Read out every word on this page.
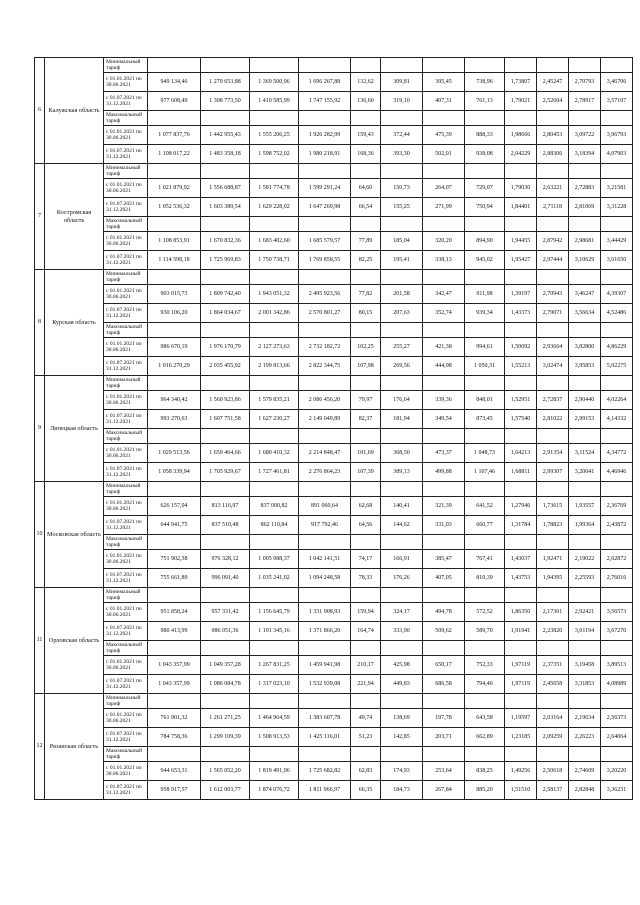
6	Калужская область	Минимальный тариф												
		с 01.01.2021 по 30.06.2021	949 134,46	1 270 653,88	1 369 500,96	1 696 267,88	132,62	309,81	395,45	738,96	1,73807	2,45247	2,70793	3,46706
		с 01.07.2021 по 31.12.2021	977 608,49	1 308 773,50	1 410 585,99	1 747 155,92	136,60	319,10	407,31	761,13	1,79021	2,52604	2,78917	3,57107
		Максимальный тариф												
		с 01.01.2021 по 30.06.2021	1 077 837,76	1 442 955,43	1 555 206,25	1 926 282,99	159,43	372,44	475,39	888,33	1,98666	2,80453	3,09722	3,96793
		с 01.07.2021 по 31.12.2021	1 108 017,22	1 483 358,18	1 598 752,02	1 980 218,91	168,36	393,30	502,01	938,08	2,04229	2,88306	3,18394	4,07903
7	Костромская область	Минимальный тариф												
		с 01.01.2021 по 30.06.2021	1 021 879,92	1 556 688,87	1 581 774,78	1 599 291,24	64,60	150,73	264,07	729,07	1,79030	2,63221	2,72883	3,21581
		с 01.07.2021 по 31.12.2021	1 052 536,32	1 603 389,54	1 629 228,02	1 647 269,98	66,54	155,25	271,99	750,94	1,84401	2,71118	2,81069	3,31228
		Максимальный тариф												
		с 01.01.2021 по 30.06.2021	1 108 853,91	1 670 832,36	1 683 402,60	1 685 579,57	77,89	185,04	320,20	894,90	1,94455	2,87942	2,98681	3,44429
		с 01.07.2021 по 31.12.2021	1 114 598,18	1 725 969,83	1 750 738,71	1 769 858,55	82,25	195,41	338,13	945,02	1,95427	2,97444	3,10629	3,61650
8	Курская область	Минимальный тариф												
		с 01.01.2021 по 30.06.2021	903 015,73	1 809 742,40	1 943 051,32	2 495 923,56	77,82	201,58	342,47	911,98	1,39197	2,70943	3,46247	4,39307
		с 01.07.2021 по 31.12.2021	930 106,20	1 864 034,67	2 001 342,86	2 570 801,27	80,15	207,63	352,74	939,34	1,43373	2,79071	3,56634	4,52486
		Максимальный тариф												
		с 01.01.2021 по 30.06.2021	986 670,19	1 976 170,79	2 127 273,63	2 732 182,72	102,25	255,27	421,38	994,61	1,50692	2,93664	3,82800	4,86229
		с 01.07.2021 по 31.12.2021	1 016 270,29	2 035 455,92	2 199 813,66	2 822 344,75	107,98	269,56	444,98	1 050,31	1,55213	3,02474	3,95853	5,02275
9	Липецкая область	Минимальный тариф												
		с 01.01.2021 по 30.06.2021	964 340,42	1 560 923,86	1 579 835,21	2 086 456,20	79,97	176,64	339,36	848,01	1,52951	2,72837	2,90440	4,02264
		с 01.07.2021 по 31.12.2021	993 270,63	1 607 751,58	1 627 230,27	2 149 049,89	82,37	181,94	349,54	873,45	1,57540	2,81022	2,99153	4,14332
		Максимальный тариф												
		с 01.01.2021 по 30.06.2021	1 029 513,56	1 659 464,66	1 680 410,32	2 214 848,47	101,69	368,50	473,37	1 048,73	1,64213	2,91354	3,11524	4,34772
		с 01.07.2021 по 31.12.2021	1 058 339,94	1 705 929,67	1 727 461,81	2 276 864,23	107,39	389,13	499,88	1 107,46	1,68811	2,99307	3,20041	4,46946
10	Московская область	Минимальный тариф												
		с 01.01.2021 по 30.06.2021	626 157,04	813 116,97	837 000,82	891 060,64	62,68	140,41	321,39	641,52	1,27946	1,73615	1,93557	2,36769
		с 01.07.2021 по 31.12.2021	644 941,75	837 510,48	862 110,84	917 792,46	64,56	144,62	331,03	660,77	1,31784	1,78823	1,99364	2,43872
		Максимальный тариф												
		с 01.01.2021 по 30.06.2021	751 902,38	976 328,12	1 005 088,37	1 042 141,51	74,17	166,91	385,47	767,41	1,43037	1,92471	2,19022	2,62872
		с 01.07.2021 по 31.12.2021	755 661,89	996 091,40	1 035 241,02	1 094 248,58	78,33	176,26	407,05	810,39	1,43753	1,94395	2,25593	2,76016
11	Орловская область	Минимальный тариф												
		с 01.01.2021 по 30.06.2021	951 858,24	957 331,42	1 156 645,79	1 331 908,93	159,94	324,17	494,78	572,52	1,86350	2,17301	2,92421	3,56573
		с 01.07.2021 по 31.12.2021	980 413,99	986 051,36	1 191 345,16	1 371 866,20	164,74	333,90	509,62	589,70	1,91941	2,23820	3,01194	3,67270
		Максимальный тариф												
		с 01.01.2021 по 30.06.2021	1 043 357,99	1 049 357,28	1 267 831,25	1 459 941,98	210,17	425,98	650,17	752,33	1,97119	2,37351	3,19458	3,89513
		с 01.07.2021 по 31.12.2021	1 043 357,99	1 086 084,78	1 317 023,10	1 532 939,08	221,94	449,83	686,58	794,46	1,97119	2,45658	3,31853	4,08989
12	Рязанская область	Минимальный тариф												
		с 01.01.2021 по 30.06.2021	761 901,32	1 261 271,25	1 464 964,59	1 383 607,78	49,74	138,69	197,78	643,58	1,19597	2,03164	2,19634	2,56373
		с 01.07.2021 по 31.12.2021	784 758,36	1 299 109,39	1 508 913,53	1 425 116,01	51,23	142,85	203,71	662,89	1,23185	2,09259	2,26223	2,64064
		Максимальный тариф												
		с 01.01.2021 по 30.06.2021	944 653,31	1 565 052,20	1 819 491,96	1 725 682,82	62,83	174,93	253,64	838,25	1,49256	2,50618	2,74609	3,20220
		с 01.07.2021 по 31.12.2021	958 917,57	1 612 003,77	1 874 076,72	1 811 966,97	66,35	184,73	267,84	885,20	1,51510	2,58137	2,82848	3,36231
